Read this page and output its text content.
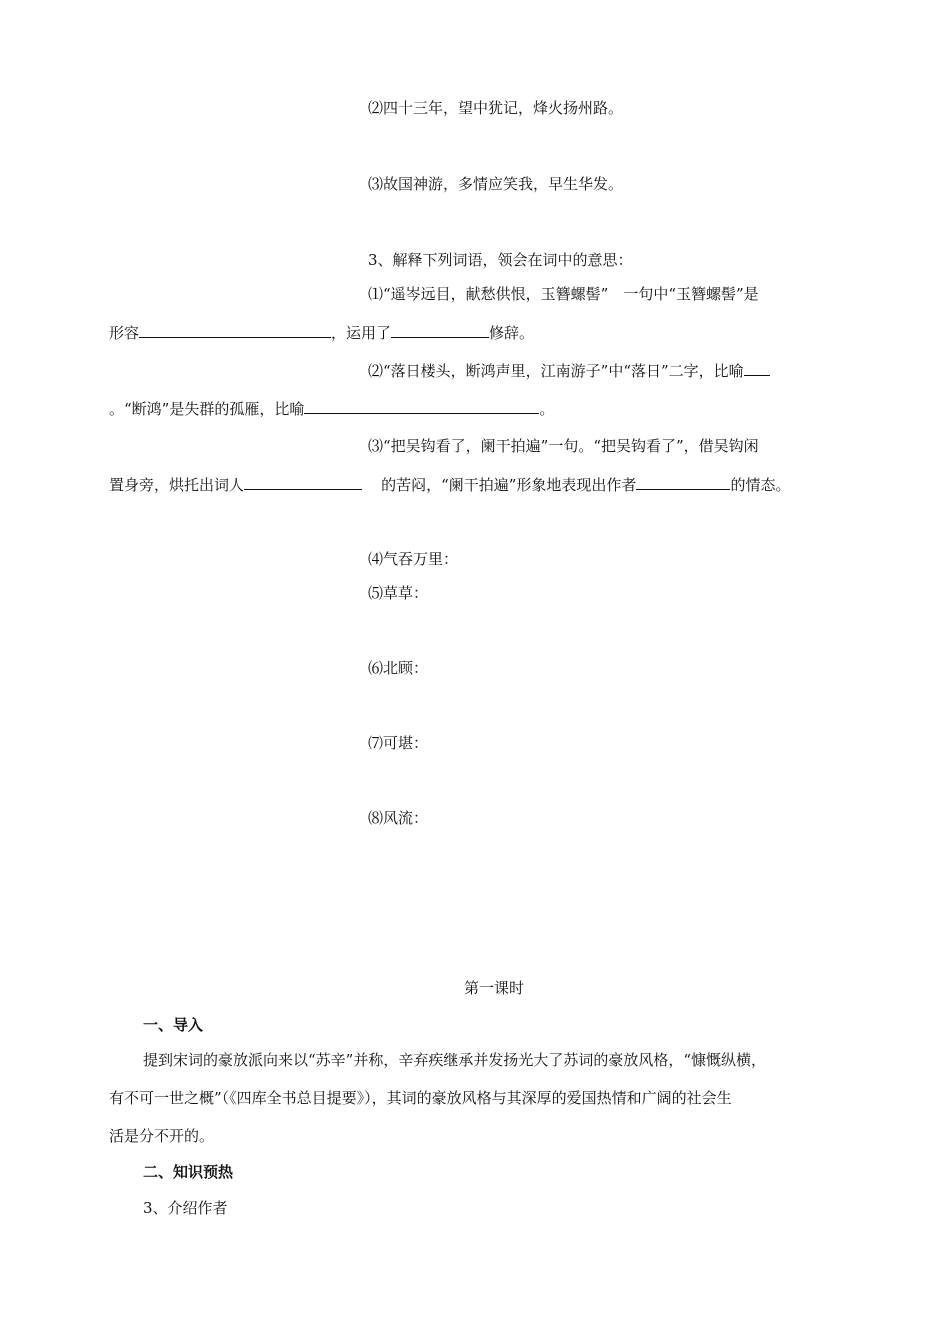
⑵四十三年，望中犹记，烽火扬州路。
⑶故国神游，多情应笑我，早生华发。
3、解释下列词语，领会在词中的意思：
⑴“遥岑远目，献愁供恨，玉簪螺髻”　一句中“玉簪螺髻”是
形容	，运用了	修辞。
⑵“落日楼头，断鸿声里，江南游子”中“落日”二字，比喻
。“断鸿”是失群的孤雁，比喻	。
⑶“把吴钩看了，阑干拍遍”一句。“把吴钩看了”，借吴钩闲
置身旁，烘托出词人	的苦闷，“阑干拍遍”形象地表现出作者	的情态。
⑷气吞万里：
⑸草草：
⑹北顾：
⑺可堪：
⑻风流：
第一课时
一、导入
提到宋词的豪放派向来以“苏辛”并称，辛弃疾继承并发扬光大了苏词的豪放风格，“慷慨纵横，
有不可一世之概”（《四库全书总目提要》），其词的豪放风格与其深厚的爱国热情和广阔的社会生
活是分不开的。
二、知识预热
3、介绍作者
